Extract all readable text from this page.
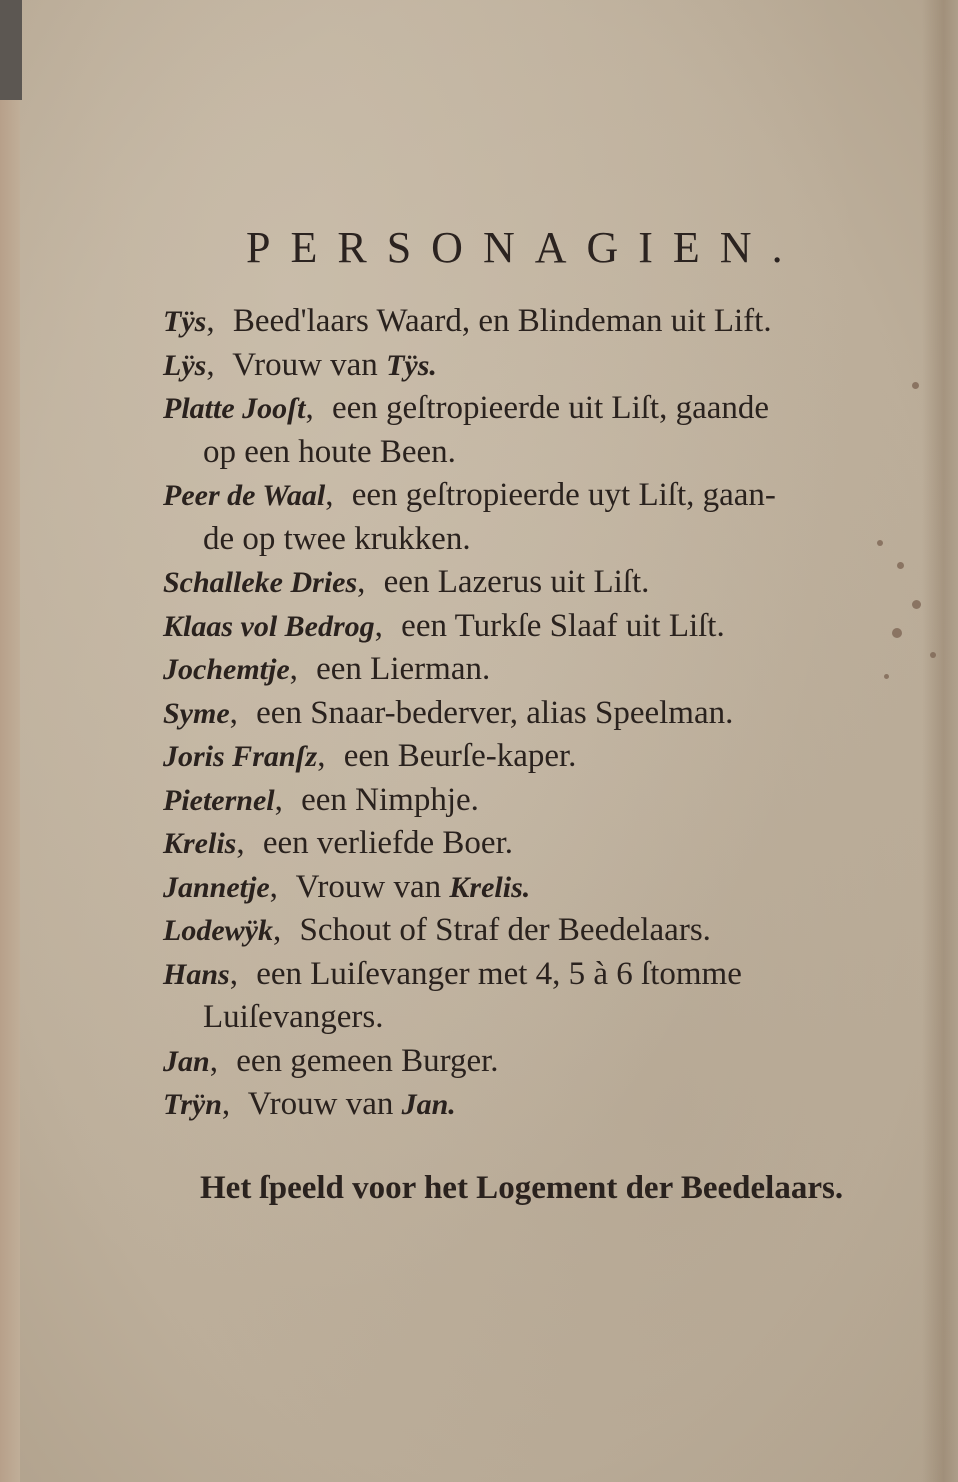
PERSONAGIEN.
Tÿs, Beed'laars Waard, en Blindeman uit Lift.
Lÿs, Vrouw van Tÿs.
Platte Jooſt, een geſtropieerde uit Liſt, gaande
op een houte Been.
Peer de Waal, een geſtropieerde uyt Liſt, gaan-
de op twee krukken.
Schalleke Dries, een Lazerus uit Liſt.
Klaas vol Bedrog, een Turkſe Slaaf uit Liſt.
Jochemtje, een Lierman.
Syme, een Snaar-bederver, alias Speelman.
Joris Franſz, een Beurſe-kaper.
Pieternel, een Nimphje.
Krelis, een verliefde Boer.
Jannetje, Vrouw van Krelis.
Lodewÿk, Schout of Straf der Beedelaars.
Hans, een Luiſevanger met 4, 5 à 6 ſtomme
Luiſevangers.
Jan, een gemeen Burger.
Trÿn, Vrouw van Jan.
Het ſpeeld voor het Logement der Beedelaars.
